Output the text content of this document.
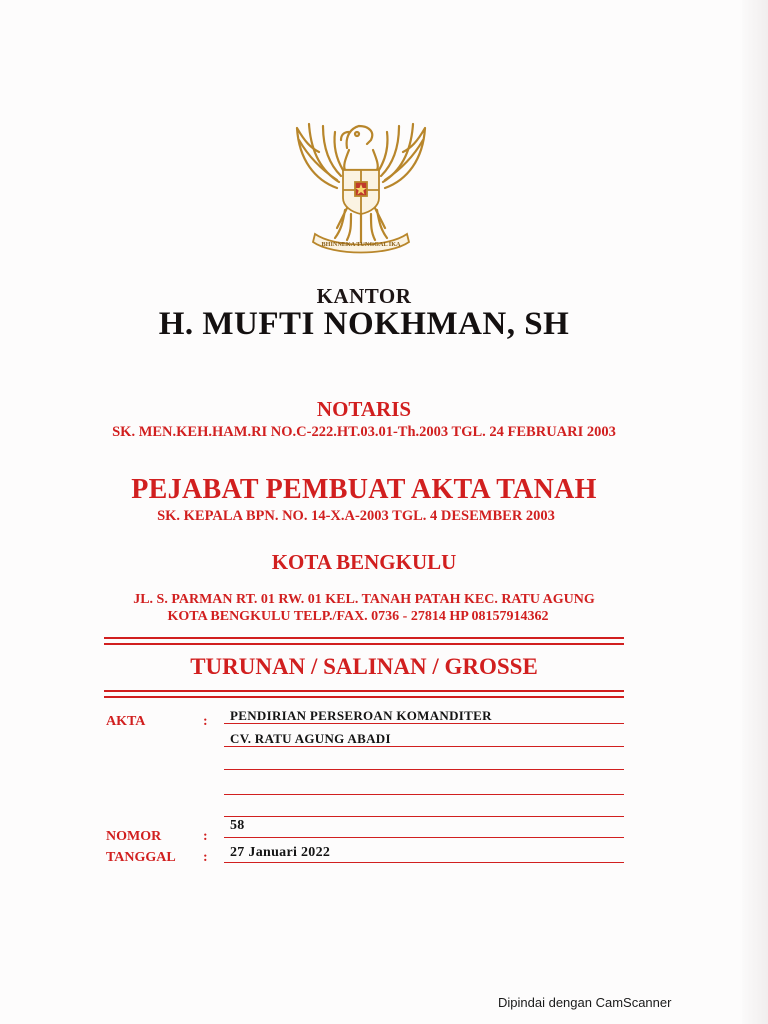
BHINNEKA TUNGGAL IKA
KANTOR
H. MUFTI NOKHMAN, SH
NOTARIS
SK. MEN.KEH.HAM.RI NO.C-222.HT.03.01-Th.2003 TGL. 24 FEBRUARI 2003
PEJABAT PEMBUAT AKTA TANAH
SK. KEPALA BPN. NO. 14-X.A-2003 TGL. 4 DESEMBER 2003
KOTA BENGKULU
JL. S. PARMAN RT. 01 RW. 01 KEL. TANAH PATAH KEC. RATU AGUNG
KOTA BENGKULU TELP./FAX. 0736 - 27814 HP 08157914362
TURUNAN / SALINAN / GROSSE
AKTA	: PENDIRIAN PERSEROAN KOMANDITER
CV. RATU AGUNG ABADI
NOMOR	:
58
TANGGAL : 27 Januari 2022
Dipindai dengan CamScanner
